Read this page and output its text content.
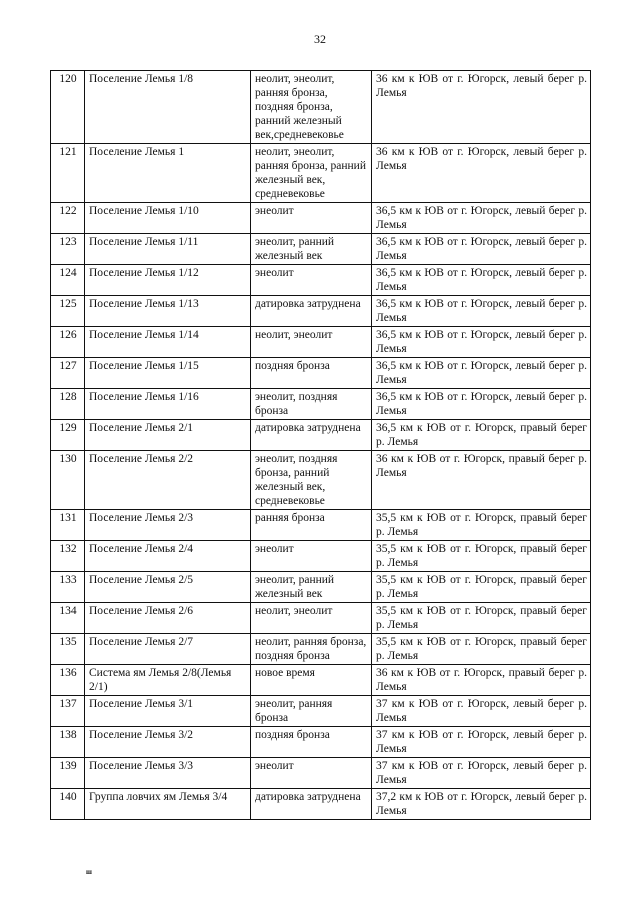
32
120	Поселение Лемья 1/8	неолит, энеолит, ранняя бронза, поздняя бронза, ранний железный век,средневековье	36 км к ЮВ от г. Югорск, левый берег р. Лемья
121	Поселение Лемья 1	неолит, энеолит, ранняя бронза, ранний железный век, средневековье	36 км к ЮВ от г. Югорск, левый берег р. Лемья
122	Поселение Лемья 1/10	энеолит	36,5 км к ЮВ от г. Югорск, левый берег р. Лемья
123	Поселение Лемья 1/11	энеолит, ранний железный век	36,5 км к ЮВ от г. Югорск, левый берег р. Лемья
124	Поселение Лемья 1/12	энеолит	36,5 км к ЮВ от г. Югорск, левый берег р. Лемья
125	Поселение Лемья 1/13	датировка затруднена	36,5 км к ЮВ от г. Югорск, левый берег р. Лемья
126	Поселение Лемья 1/14	неолит, энеолит	36,5 км к ЮВ от г. Югорск, левый берег р. Лемья
127	Поселение Лемья 1/15	поздняя бронза	36,5 км к ЮВ от г. Югорск, левый берег р. Лемья
128	Поселение Лемья 1/16	энеолит, поздняя бронза	36,5 км к ЮВ от г. Югорск, левый берег р. Лемья
129	Поселение Лемья 2/1	датировка затруднена	36,5 км к ЮВ от г. Югорск, правый берег р. Лемья
130	Поселение Лемья 2/2	энеолит, поздняя бронза, ранний железный век, средневековье	36 км к ЮВ от г. Югорск, правый берег р. Лемья
131	Поселение Лемья 2/3	ранняя бронза	35,5 км к ЮВ от г. Югорск, правый берег р. Лемья
132	Поселение Лемья 2/4	энеолит	35,5 км к ЮВ от г. Югорск, правый берег р. Лемья
133	Поселение Лемья 2/5	энеолит, ранний железный век	35,5 км к ЮВ от г. Югорск, правый берег р. Лемья
134	Поселение Лемья 2/6	неолит, энеолит	35,5 км к ЮВ от г. Югорск, правый берег р. Лемья
135	Поселение Лемья 2/7	неолит, ранняя бронза, поздняя бронза	35,5 км к ЮВ от г. Югорск, правый берег р. Лемья
136	Система ям Лемья 2/8(Лемья 2/1)	новое время	36 км к ЮВ от г. Югорск, правый берег р. Лемья
137	Поселение Лемья 3/1	энеолит, ранняя бронза	37 км к ЮВ от г. Югорск, левый берег р. Лемья
138	Поселение Лемья 3/2	поздняя бронза	37 км к ЮВ от г. Югорск, левый берег р. Лемья
139	Поселение Лемья 3/3	энеолит	37 км к ЮВ от г. Югорск, левый берег р. Лемья
140	Группа ловчих ям Лемья 3/4	датировка затруднена	37,2 км к ЮВ от г. Югорск, левый берег р. Лемья
ш
